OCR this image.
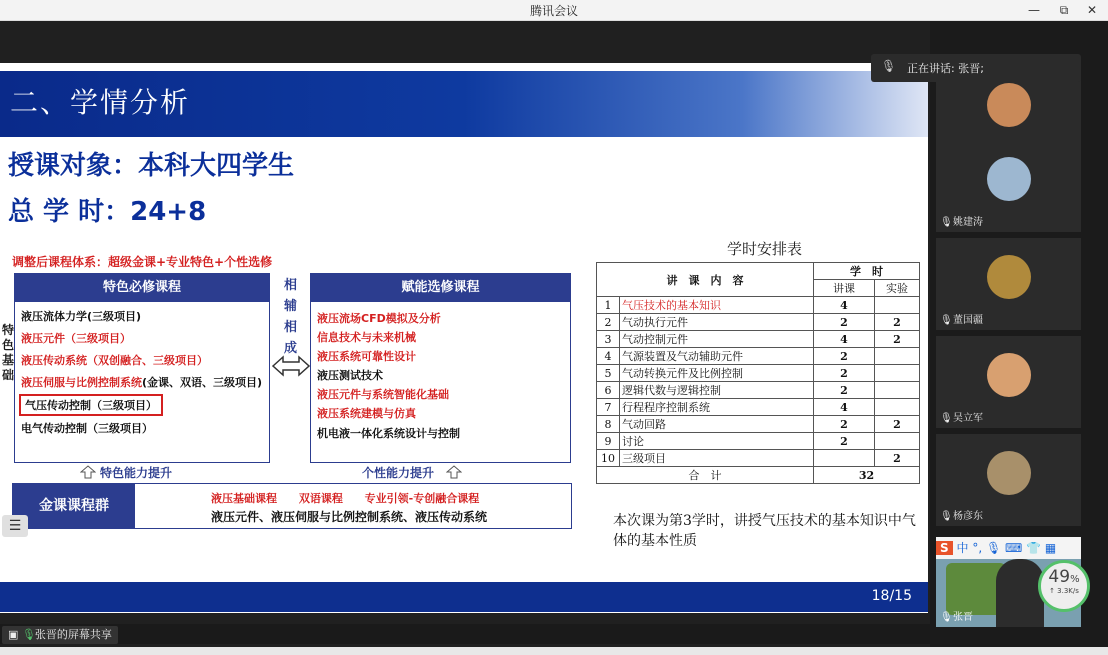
腾讯会议	—	⧉	✕
二、学情分析
授课对象：本科大四学生
总 学 时：24+8
调整后课程体系：超级金课+专业特色+个性选修
特色基础
特色必修课程
液压流体力学(三级项目)
液压元件（三级项目）
液压传动系统（双创融合、三级项目）
液压伺服与比例控制系统(金课、双语、三级项目)
气压传动控制（三级项目）
电气传动控制（三级项目）
相
辅
相
成
赋能选修课程
液压流场CFD模拟及分析
信息技术与未来机械
液压系统可靠性设计
液压测试技术
液压元件与系统智能化基础
液压系统建模与仿真
机电液一体化系统设计与控制
特色能力提升	个性能力提升
金课课程群	液压基础课程 双语课程 专业引领-专创融合课程
液压元件、液压伺服与比例控制系统、液压传动系统
学时安排表
讲　课　内　容		学　时	
		讲课	实验
1	气压技术的基本知识	4	
2	气动执行元件	2	2
3	气动控制元件	4	2
4	气源装置及气动辅助元件	2	
5	气动转换元件及比例控制	2	
6	逻辑代数与逻辑控制	2	
7	行程程序控制系统	4	
8	气动回路	2	2
9	讨论	2	
10	三级项目		2
合　计		32	
本次课为第3学时，讲授气压技术的基本知识中气体的基本性质
18/15
☰
▣ 🎙张晋的屏幕共享
🎙 正在讲话: 张晋;
🎙姚建涛
🎙董国疆
🎙吴立军
🎙杨彦东
S 中 °, 🎙 ⌨ 👕 ▦
🎙张晋
49%
↑ 3.3K/s
